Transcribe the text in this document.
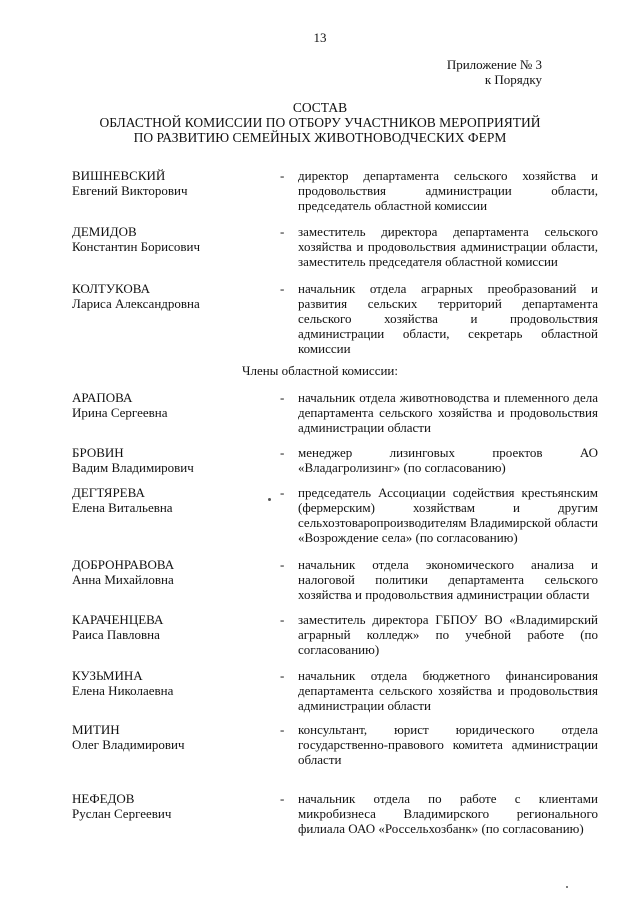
13
Приложение № 3
к Порядку
СОСТАВ
ОБЛАСТНОЙ КОМИССИИ ПО ОТБОРУ УЧАСТНИКОВ МЕРОПРИЯТИЙ
ПО РАЗВИТИЮ СЕМЕЙНЫХ ЖИВОТНОВОДЧЕСКИХ ФЕРМ
ВИШНЕВСКИЙ
Евгений Викторович
- директор департамента сельского хозяйства и продовольствия администрации области, председатель областной комиссии
ДЕМИДОВ
Константин Борисович
- заместитель директора департамента сельского хозяйства и продовольствия администрации области, заместитель председателя областной комиссии
КОЛТУКОВА
Лариса Александровна
- начальник отдела аграрных преобразований и развития сельских территорий департамента сельского хозяйства и продовольствия администрации области, секретарь областной комиссии
Члены областной комиссии:
АРАПОВА
Ирина Сергеевна
- начальник отдела животноводства и племенного дела департамента сельского хозяйства и продовольствия администрации области
БРОВИН
Вадим Владимирович
- менеджер лизинговых проектов АО «Владагролизинг» (по согласованию)
ДЕГТЯРЕВА
Елена Витальевна
- председатель Ассоциации содействия крестьянским (фермерским) хозяйствам и другим сельхозтоваропроизводителям Владимирской области «Возрождение села» (по согласованию)
ДОБРОНРАВОВА
Анна Михайловна
- начальник отдела экономического анализа и налоговой политики департамента сельского хозяйства и продовольствия администрации области
КАРАЧЕНЦЕВА
Раиса Павловна
- заместитель директора ГБПОУ ВО «Владимирский аграрный колледж» по учебной работе (по согласованию)
КУЗЬМИНА
Елена Николаевна
- начальник отдела бюджетного финансирования департамента сельского хозяйства и продовольствия администрации области
МИТИН
Олег Владимирович
- консультант, юрист юридического отдела государственно-правового комитета администрации области
НЕФЕДОВ
Руслан Сергеевич
- начальник отдела по работе с клиентами микробизнеса Владимирского регионального филиала ОАО «Россельхозбанк» (по согласованию)
